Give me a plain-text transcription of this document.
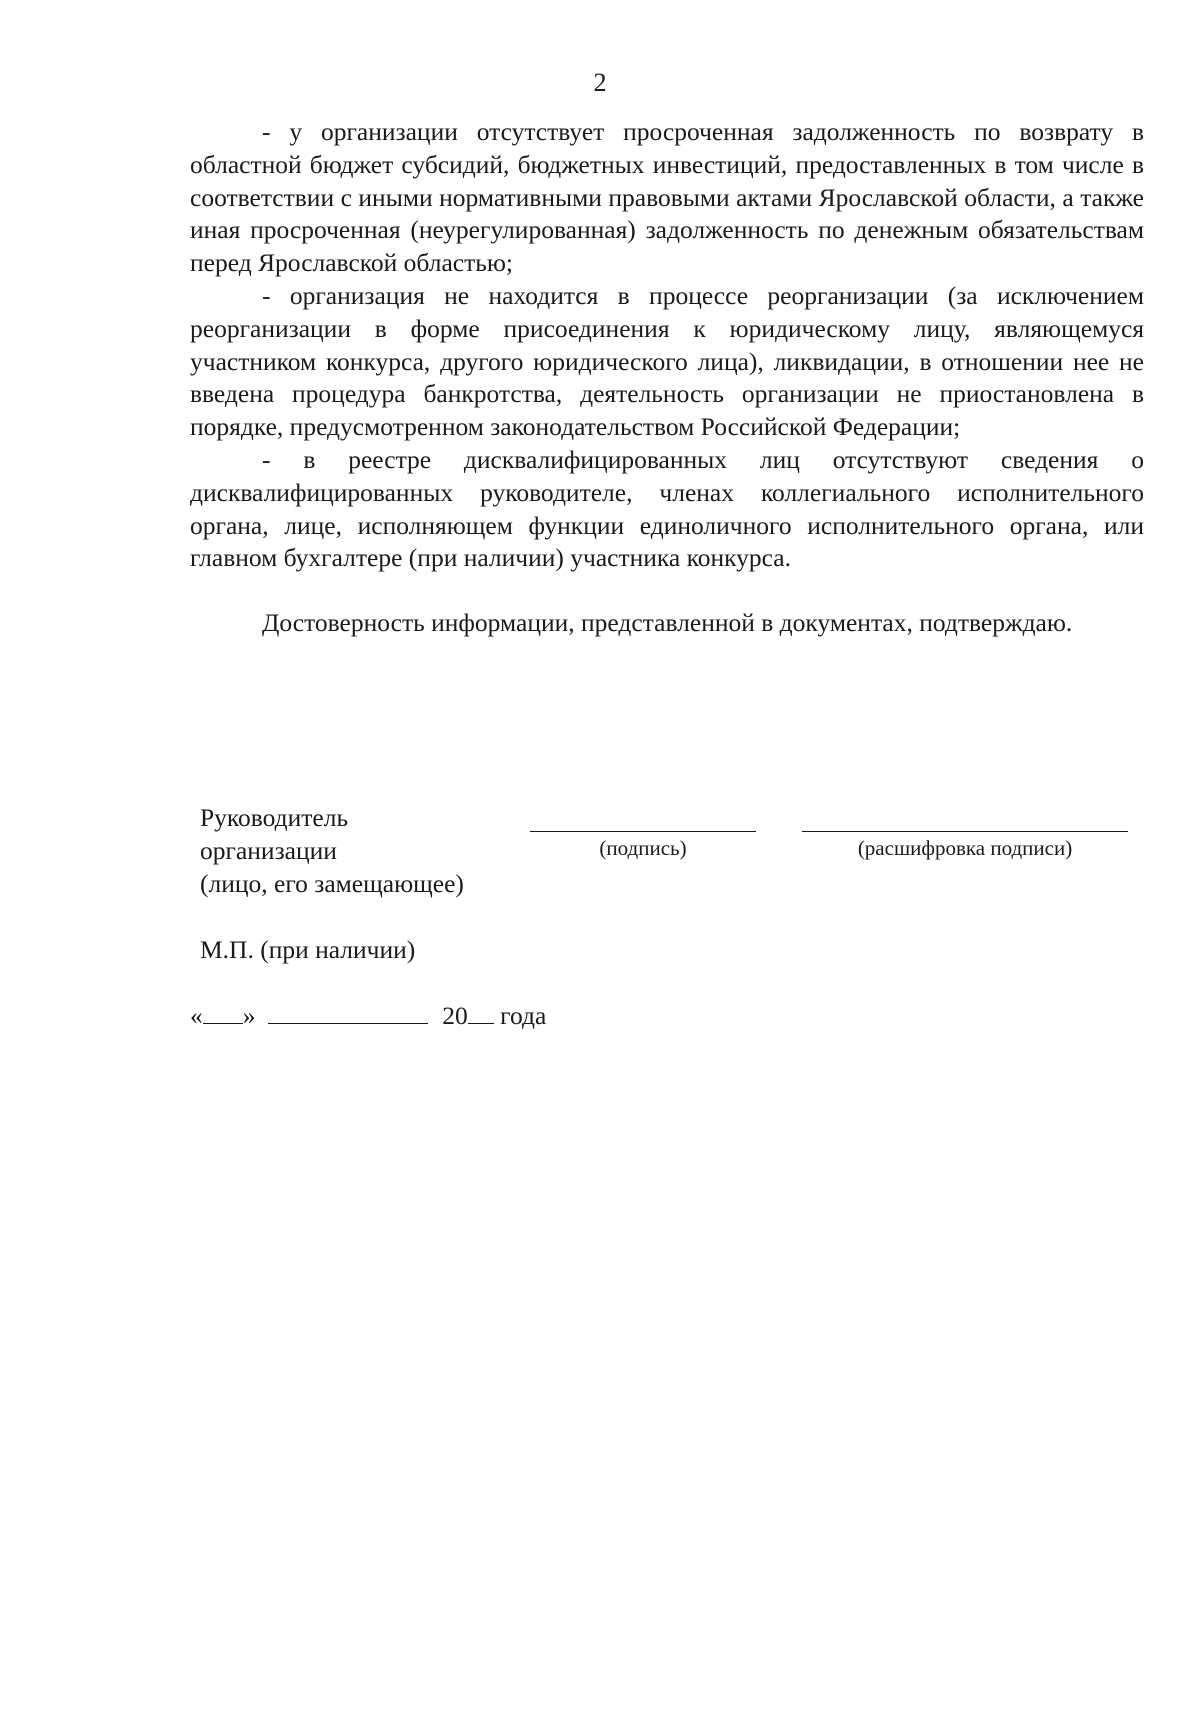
2

- у организации отсутствует просроченная задолженность по возврату в областной бюджет субсидий, бюджетных инвестиций, предоставленных в том числе в соответствии с иными нормативными правовыми актами Ярославской области, а также иная просроченная (неурегулированная) задолженность по денежным обязательствам перед Ярославской областью;

- организация не находится в процессе реорганизации (за исключением реорганизации в форме присоединения к юридическому лицу, являющемуся участником конкурса, другого юридического лица), ликвидации, в отношении нее не введена процедура банкротства, деятельность организации не приостановлена в порядке, предусмотренном законодательством Российской Федерации;

- в реестре дисквалифицированных лиц отсутствуют сведения о дисквалифицированных руководителе, членах коллегиального исполнительного органа, лице, исполняющем функции единоличного исполнительного органа, или главном бухгалтере (при наличии) участника конкурса.

Достоверность информации, представленной в документах, подтверждаю.

Руководитель
организации
(лицо, его замещающее)
(подпись)	(расшифровка подписи)
М.П. (при наличии)
« »	20 года
